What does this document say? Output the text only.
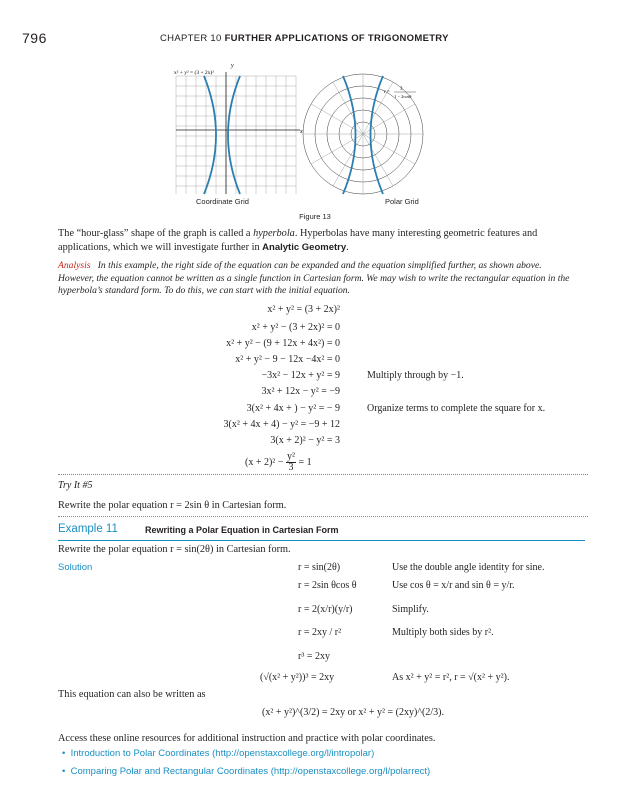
796	CHAPTER 10 FURTHER APPLICATIONS OF TRIGONOMETRY
x² + y² = (3 + 2x)²
y
x
r =
3
1 − 2cosθ
Coordinate Grid	Polar Grid
Figure 13
The “hour-glass” shape of the graph is called a hyperbola. Hyperbolas have many interesting geometric features and applications, which we will investigate further in Analytic Geometry.
Analysis In this example, the right side of the equation can be expanded and the equation simplified further, as shown above. However, the equation cannot be written as a single function in Cartesian form. We may wish to write the rectangular equation in the hyperbola’s standard form. To do this, we can start with the initial equation.
x² + y² = (3 + 2x)²
x² + y² − (3 + 2x)² = 0
x² + y² − (9 + 12x + 4x²) = 0
x² + y² − 9 − 12x −4x² = 0
−3x² − 12x + y² = 9	Multiply through by −1.
3x² + 12x − y² = −9
3(x² + 4x + ) − y² = − 9	Organize terms to complete the square for x.
3(x² + 4x + 4) − y² = −9 + 12
3(x + 2)² − y² = 3
$(x + 2)^2 - \frac{\text{y²}}{3} = 1$
Try It #5
Rewrite the polar equation r = 2sin θ in Cartesian form.
Example 11	Rewriting a Polar Equation in Cartesian Form
Rewrite the polar equation r = sin(2θ) in Cartesian form.
Solution	r = sin(2θ)	Use the double angle identity for sine.
r = 2sin θcos θ	Use cos θ = x/r and sin θ = y/r.
r = 2(x/r)(y/r)	Simplify.
r = 2xy / r²	Multiply both sides by r².
r³ = 2xy
(√(x² + y²))³ = 2xy	As x² + y² = r², r = √(x² + y²).
This equation can also be written as
(x² + y²)^(3/2) = 2xy or x² + y² = (2xy)^(2/3).
Access these online resources for additional instruction and practice with polar coordinates.
•  Introduction to Polar Coordinates (http://openstaxcollege.org/l/intropolar)
•  Comparing Polar and Rectangular Coordinates (http://openstaxcollege.org/l/polarrect)
